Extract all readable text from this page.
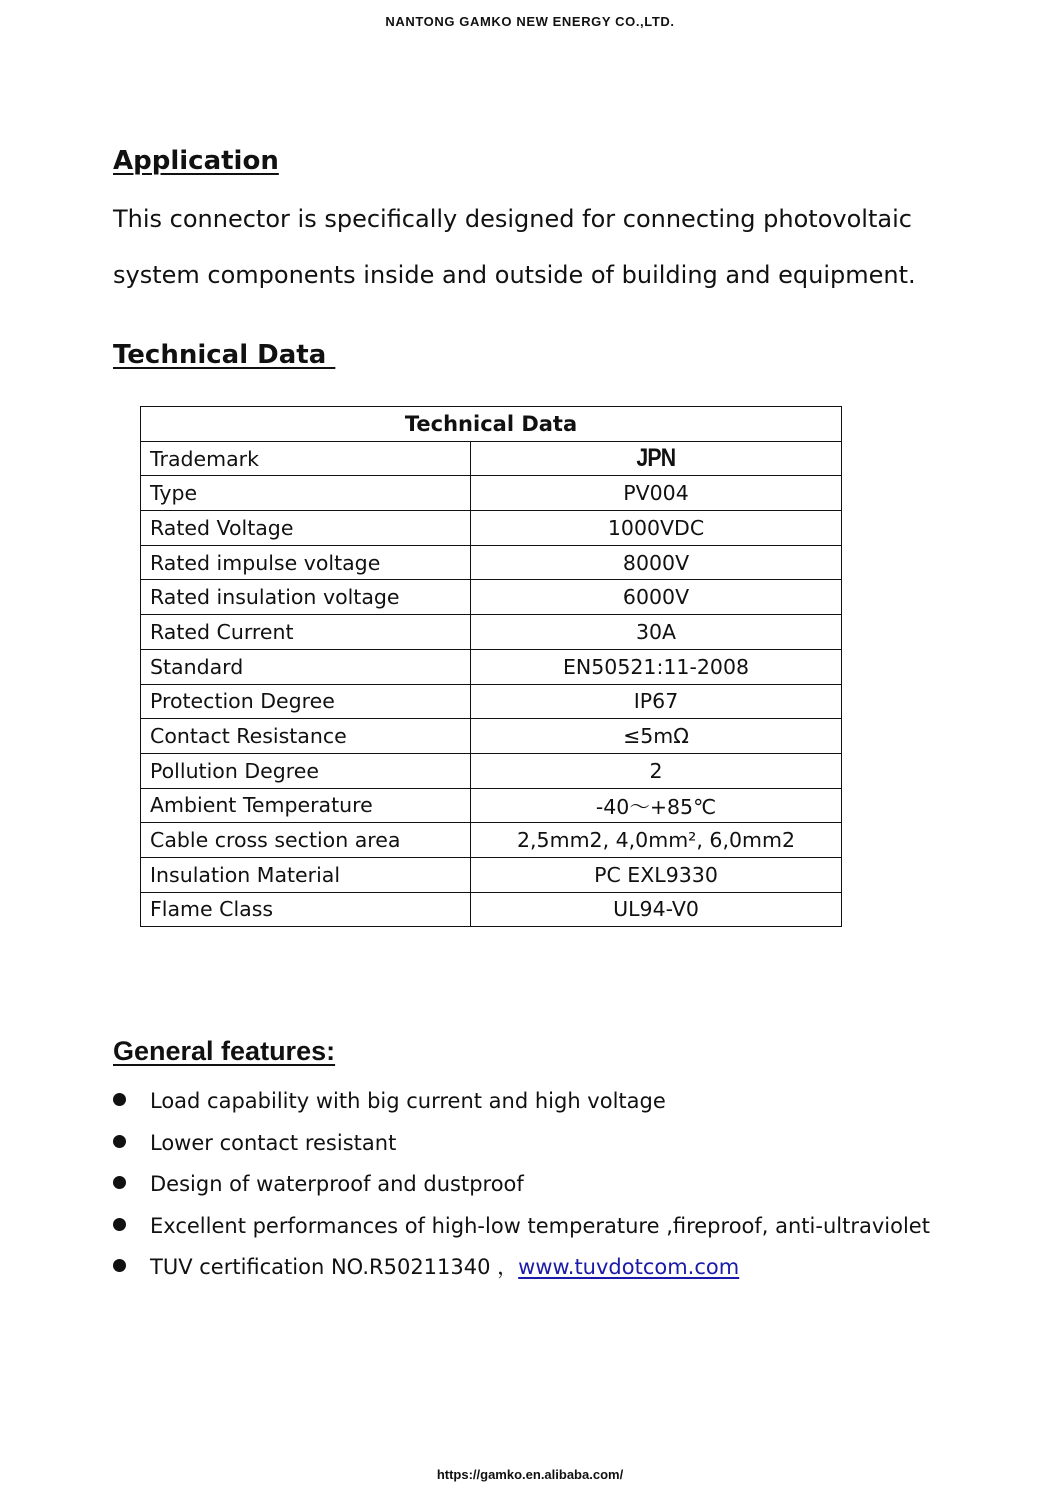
NANTONG GAMKO NEW ENERGY CO.,LTD.
Application

This connector is specifically designed for connecting photovoltaic

system components inside and outside of building and equipment.

Technical Data
Technical Data	
Trademark	JPN
Type	PV004
Rated Voltage	1000VDC
Rated impulse voltage	8000V
Rated insulation voltage	6000V
Rated Current	30A
Standard	EN50521:11-2008
Protection Degree	IP67
Contact Resistance	≤5mΩ
Pollution Degree	2
Ambient Temperature	-40～+85℃
Cable cross section area	2,5mm2, 4,0mm², 6,0mm2
Insulation Material	PC EXL9330
Flame Class	UL94-V0
General features:
Load capability with big current and high voltage
Lower contact resistant
Design of waterproof and dustproof
Excellent performances of high-low temperature ,fireproof, anti-ultraviolet
TUV certification NO.R50211340 ，www.tuvdotcom.com
https://gamko.en.alibaba.com/
